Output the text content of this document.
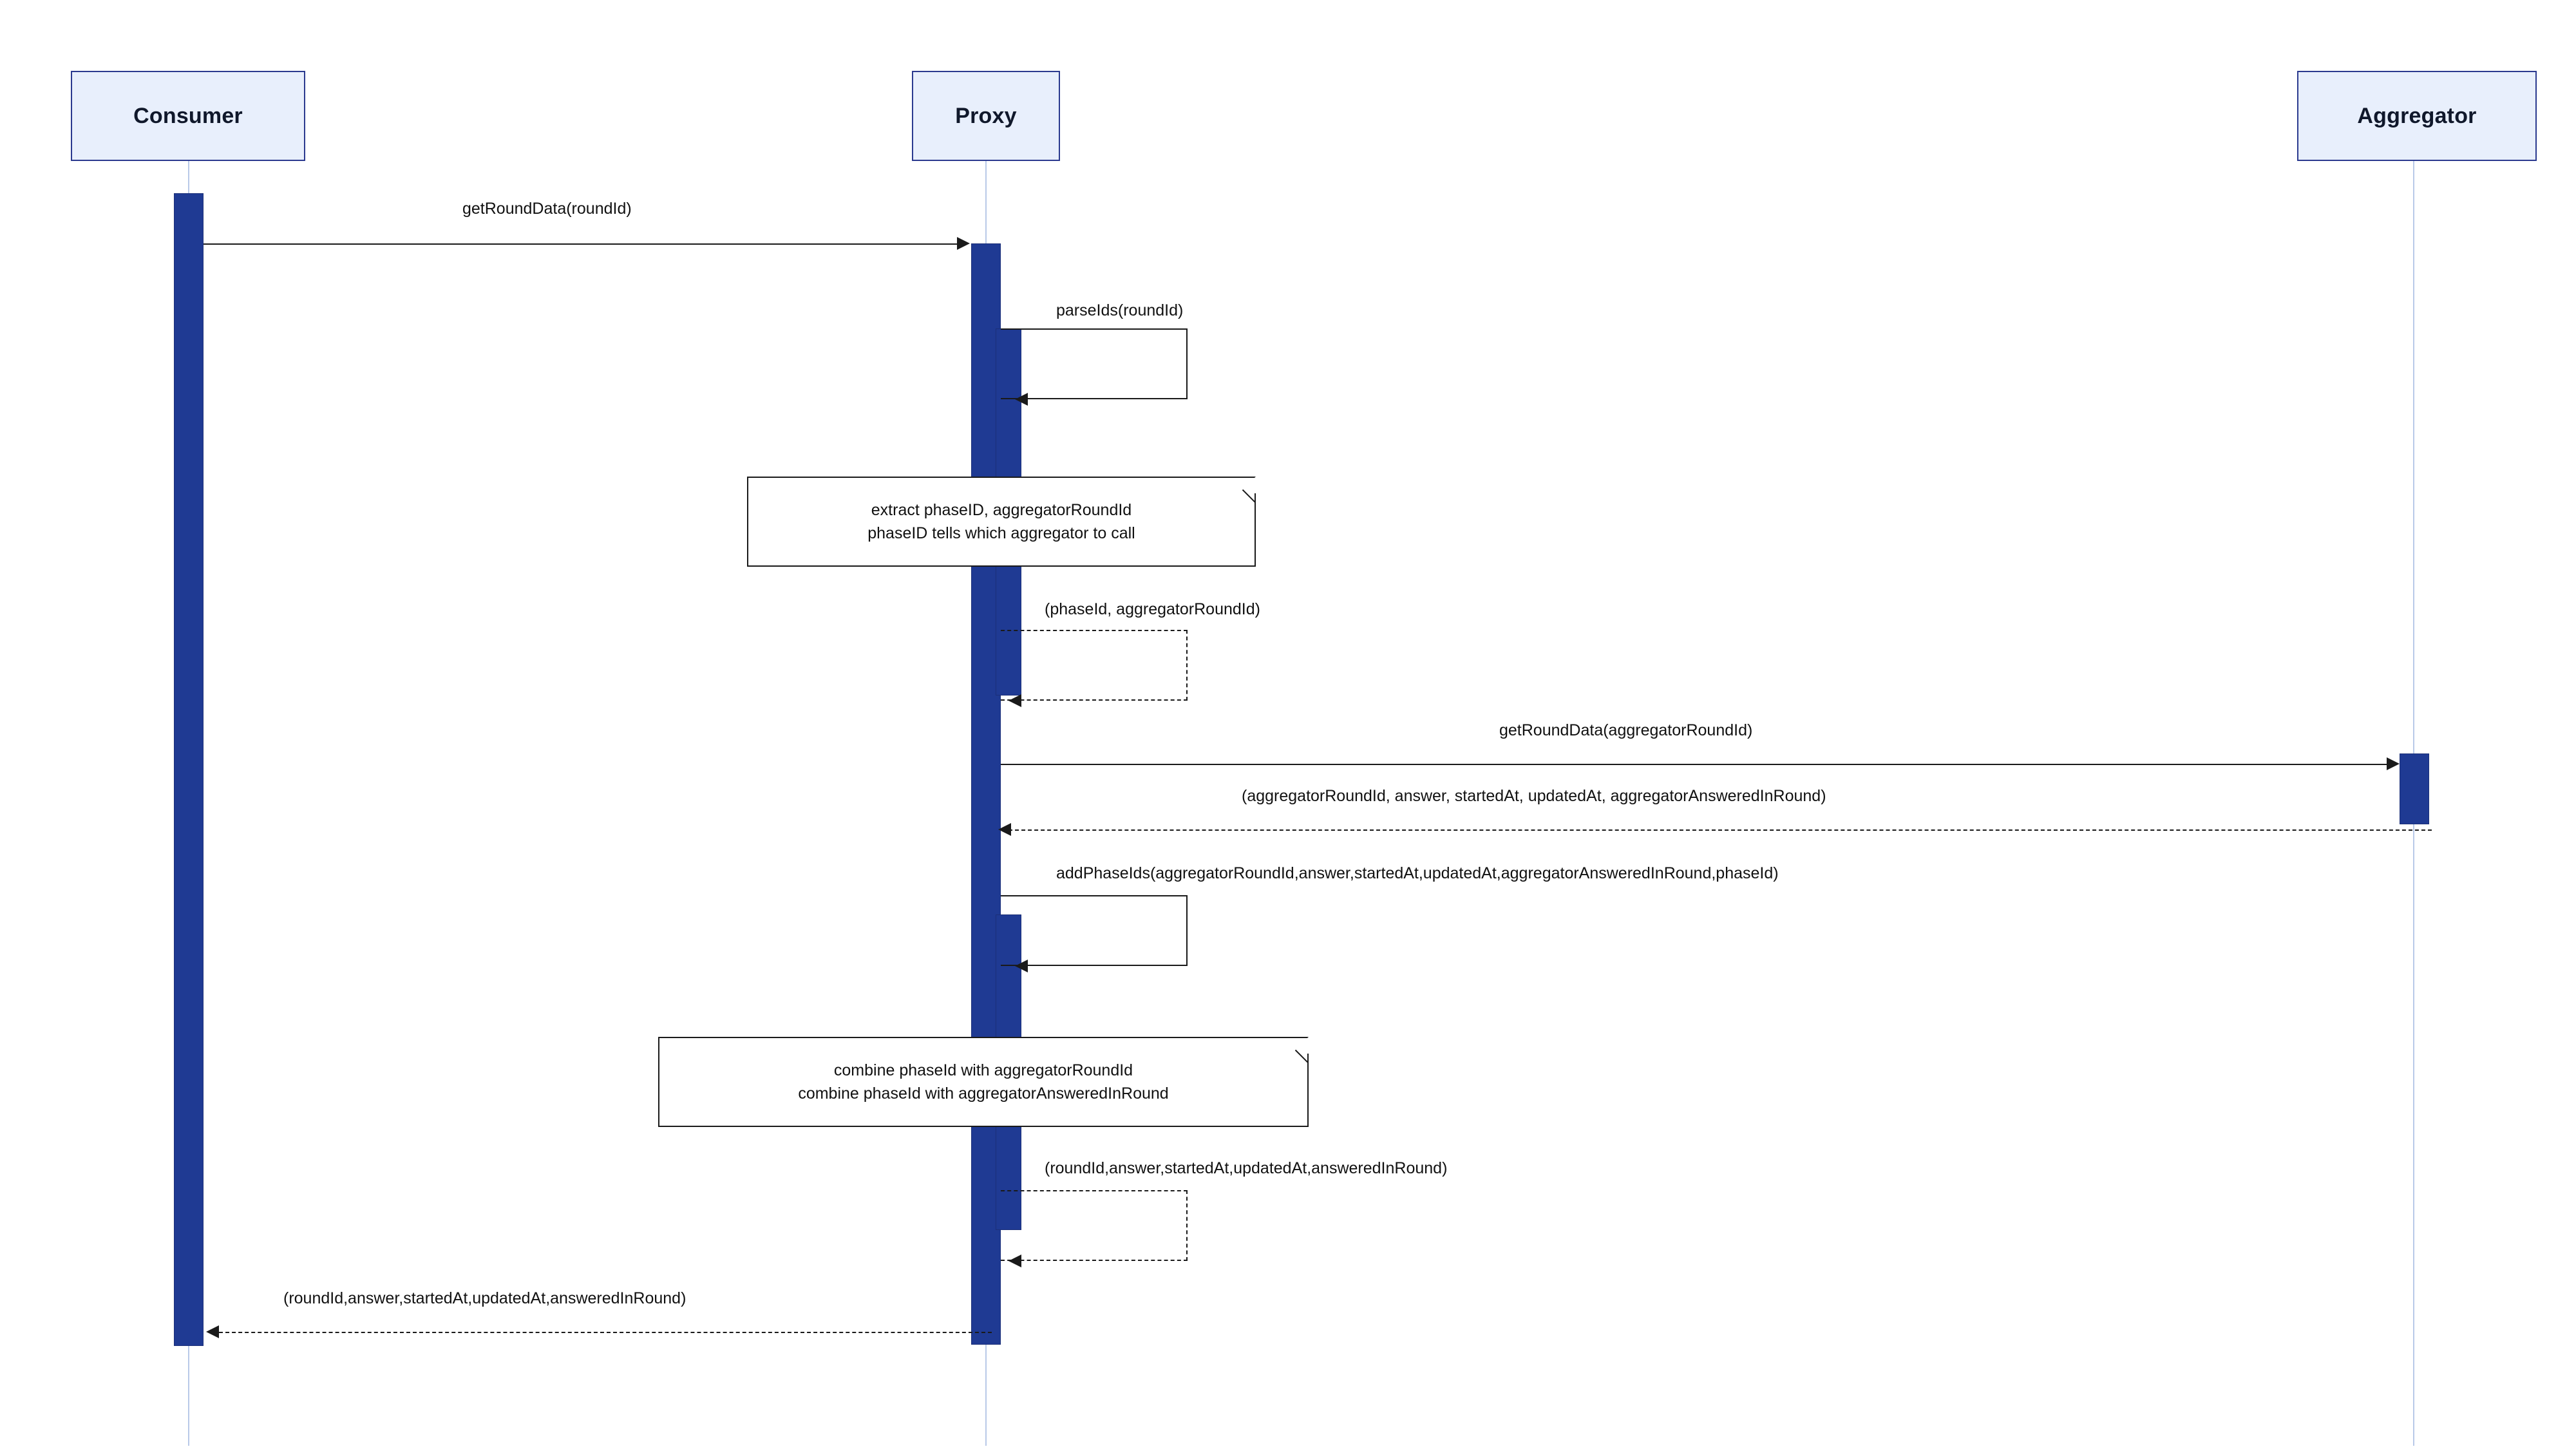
Consumer	Proxy	Aggregator
getRoundData(roundId)
parseIds(roundId)
extract phaseID, aggregatorRoundId
phaseID tells which aggregator to call
(phaseId, aggregatorRoundId)
getRoundData(aggregatorRoundId)
(aggregatorRoundId, answer, startedAt, updatedAt, aggregatorAnsweredInRound)
addPhaseIds(aggregatorRoundId,answer,startedAt,updatedAt,aggregatorAnsweredInRound,phaseId)
combine phaseId with aggregatorRoundId
combine phaseId with aggregatorAnsweredInRound
(roundId,answer,startedAt,updatedAt,answeredInRound)
(roundId,answer,startedAt,updatedAt,answeredInRound)
